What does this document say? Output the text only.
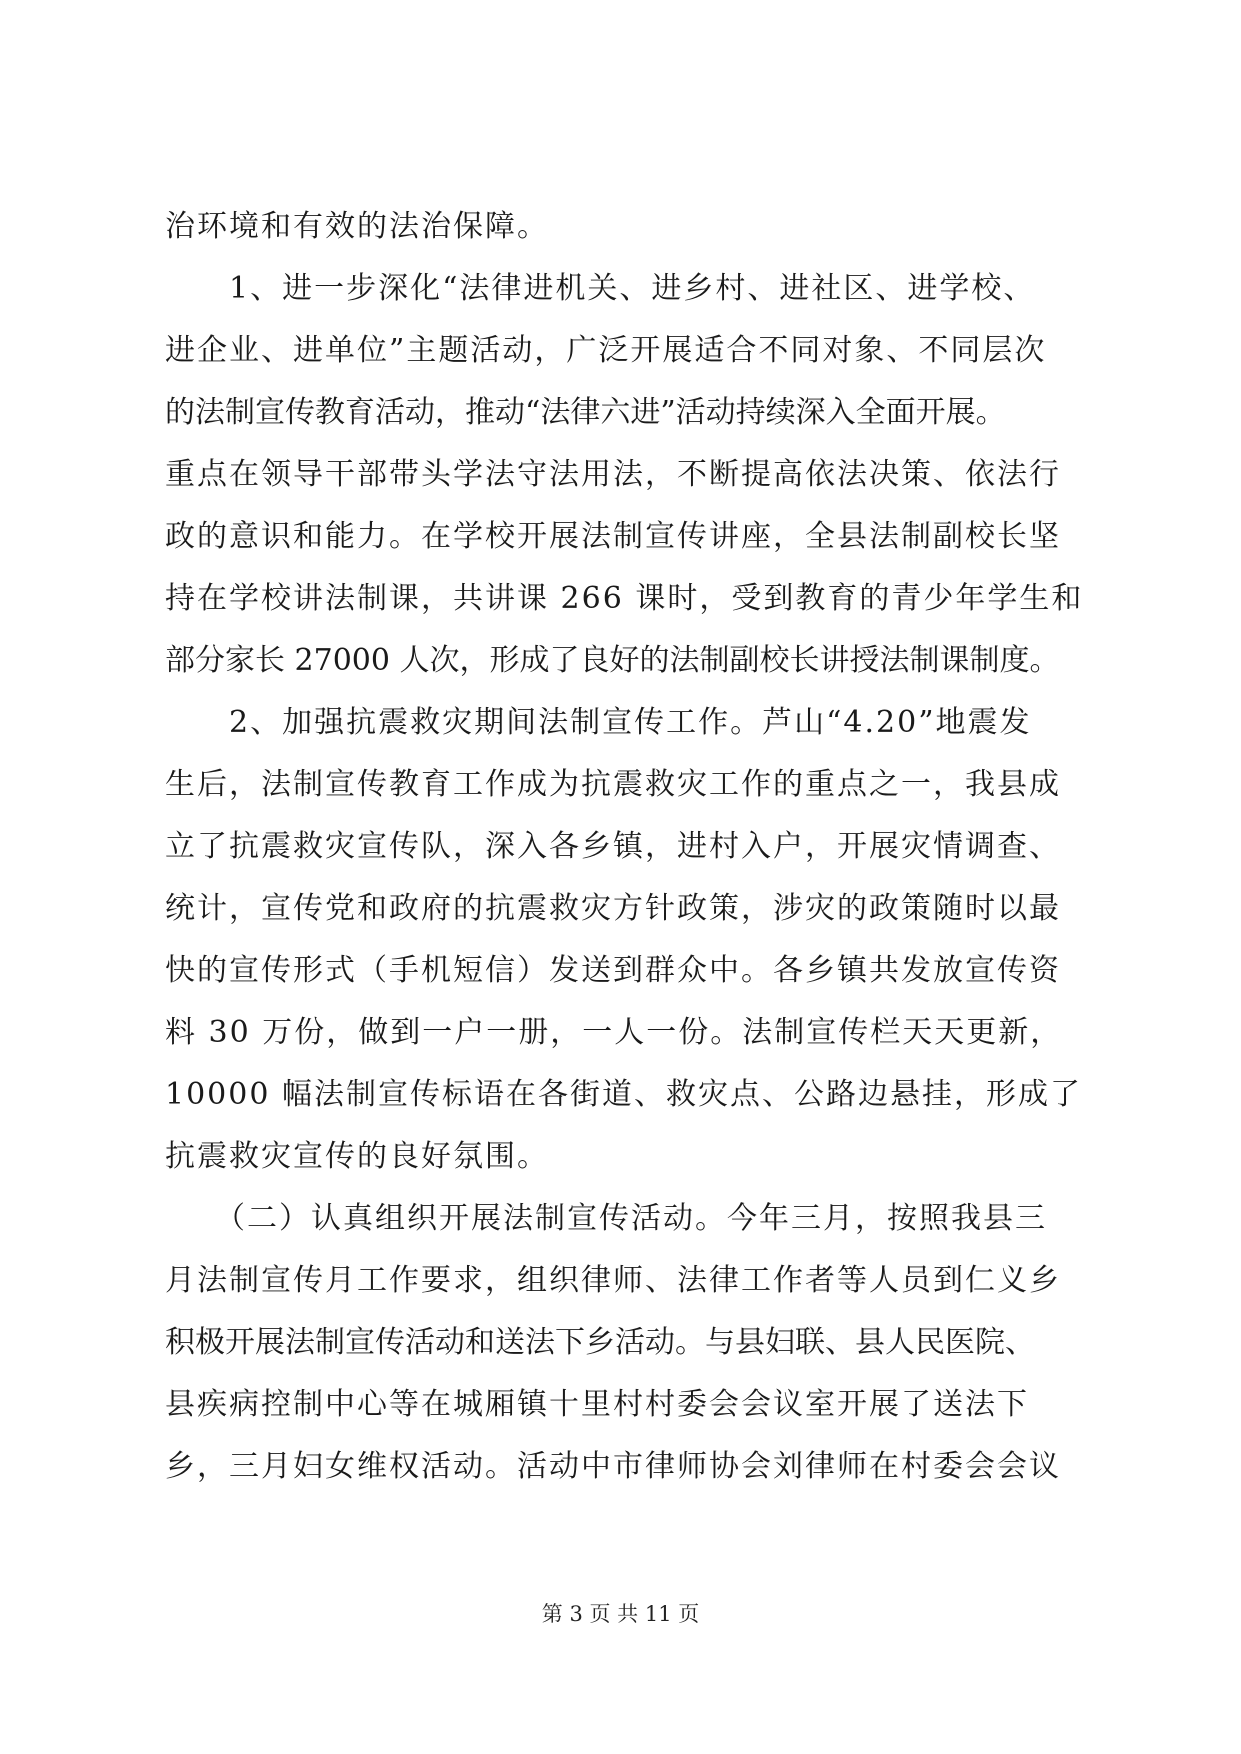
治环境和有效的法治保障。
1、进一步深化“法律进机关、进乡村、进社区、进学校、
进企业、进单位”主题活动，广泛开展适合不同对象、不同层次
的法制宣传教育活动，推动“法律六进”活动持续深入全面开展。
重点在领导干部带头学法守法用法，不断提高依法决策、依法行
政的意识和能力。在学校开展法制宣传讲座，全县法制副校长坚
持在学校讲法制课，共讲课 266 课时，受到教育的青少年学生和
部分家长 27000 人次，形成了良好的法制副校长讲授法制课制度。
2、加强抗震救灾期间法制宣传工作。芦山“4.20”地震发
生后，法制宣传教育工作成为抗震救灾工作的重点之一，我县成
立了抗震救灾宣传队，深入各乡镇，进村入户，开展灾情调查、
统计，宣传党和政府的抗震救灾方针政策，涉灾的政策随时以最
快的宣传形式（手机短信）发送到群众中。各乡镇共发放宣传资
料 30 万份，做到一户一册，一人一份。法制宣传栏天天更新，
10000 幅法制宣传标语在各街道、救灾点、公路边悬挂，形成了
抗震救灾宣传的良好氛围。
（二）认真组织开展法制宣传活动。今年三月，按照我县三
月法制宣传月工作要求，组织律师、法律工作者等人员到仁义乡
积极开展法制宣传活动和送法下乡活动。与县妇联、县人民医院、
县疾病控制中心等在城厢镇十里村村委会会议室开展了送法下
乡，三月妇女维权活动。活动中市律师协会刘律师在村委会会议
第 3 页 共 11 页
